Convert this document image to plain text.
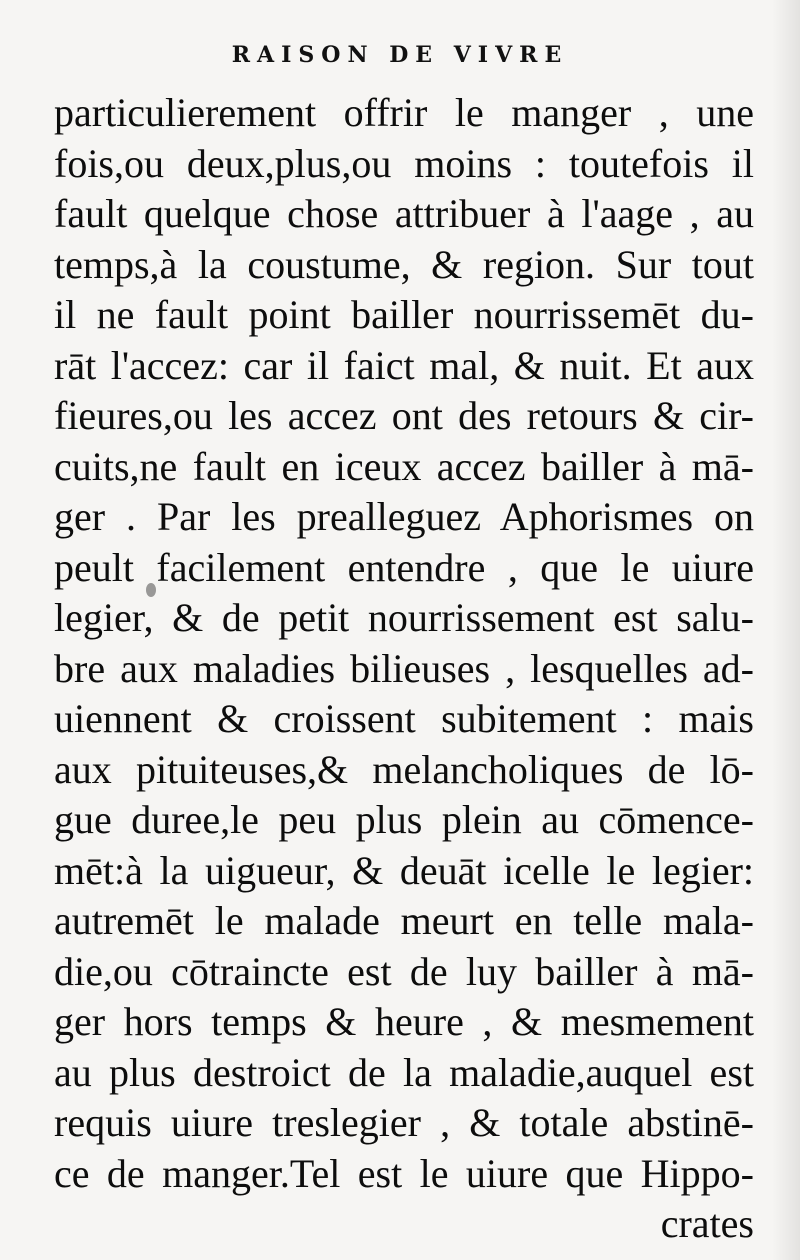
RAISON DE VIVRE
particulierement offrir le manger , une
fois,ou deux,plus,ou moins : toutefois il
fault quelque chose attribuer à l'aage , au
temps,à la coustume, & region. Sur tout
il ne fault point bailler nourrissemēt du-
rāt l'accez: car il faict mal, & nuit. Et aux
fieures,ou les accez ont des retours & cir-
cuits,ne fault en iceux accez bailler à mā-
ger . Par les prealleguez Aphorismes on
peult facilement entendre , que le uiure
legier, & de petit nourrissement est salu-
bre aux maladies bilieuses , lesquelles ad-
uiennent & croissent subitement : mais
aux pituiteuses,& melancholiques de lō-
gue duree,le peu plus plein au cōmence-
mēt:à la uigueur, & deuāt icelle le legier:
autremēt le malade meurt en telle mala-
die,ou cōtraincte est de luy bailler à mā-
ger hors temps & heure , & mesmement
au plus destroict de la maladie,auquel est
requis uiure treslegier , & totale abstinē-
ce de manger.Tel est le uiure que Hippo-
crates
